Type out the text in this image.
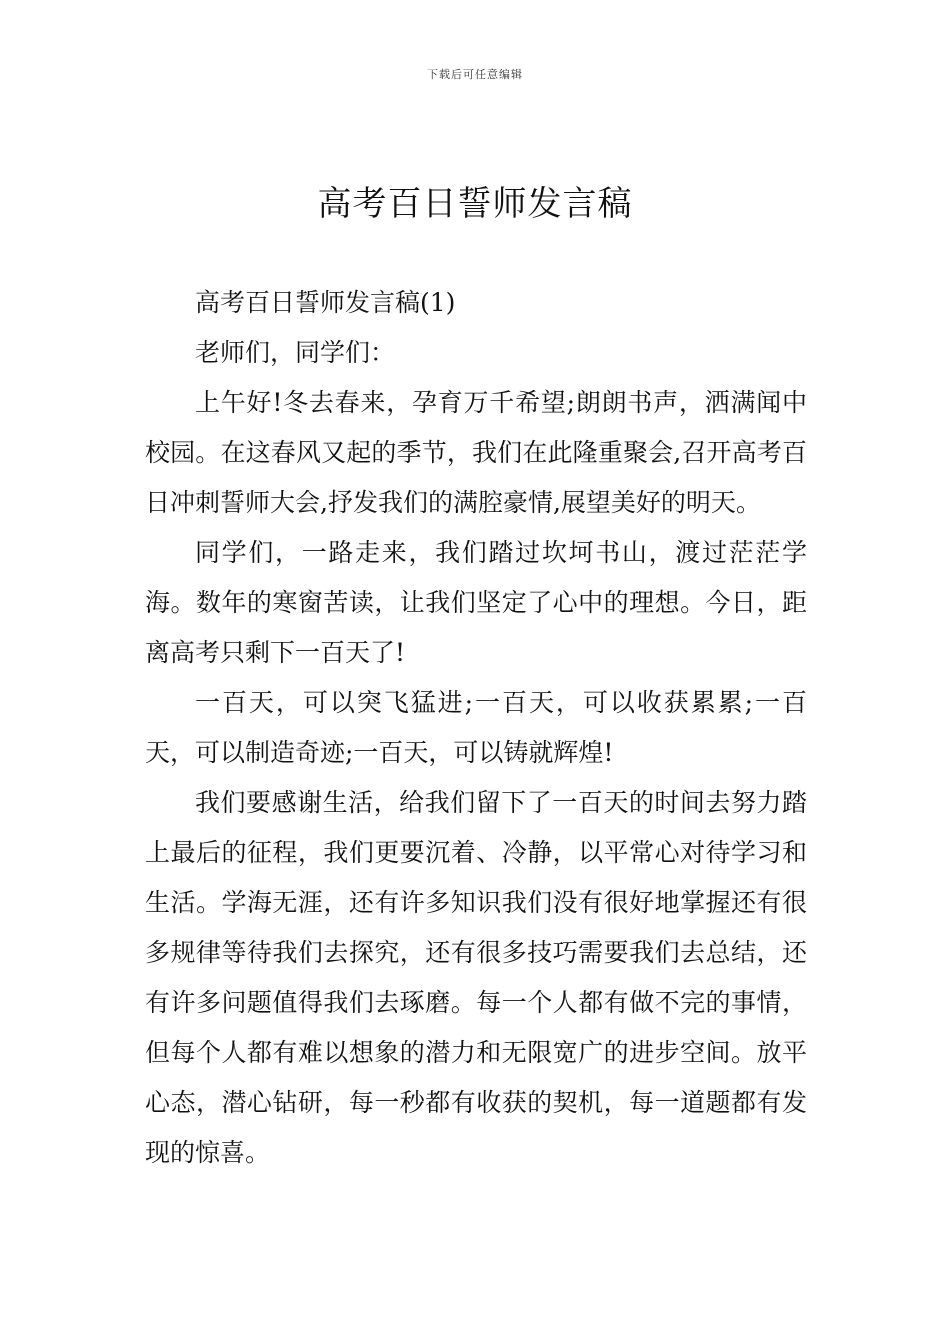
下载后可任意编辑
高考百日誓师发言稿

高考百日誓师发言稿(1)

老师们，同学们：

上午好!冬去春来，孕育万千希望;朗朗书声，洒满闻中校园。在这春风又起的季节，我们在此隆重聚会,召开高考百日冲刺誓师大会,抒发我们的满腔豪情,展望美好的明天。

同学们，一路走来，我们踏过坎坷书山，渡过茫茫学海。数年的寒窗苦读，让我们坚定了心中的理想。今日，距离高考只剩下一百天了!

一百天，可以突飞猛进;一百天，可以收获累累;一百天，可以制造奇迹;一百天，可以铸就辉煌!

我们要感谢生活，给我们留下了一百天的时间去努力踏上最后的征程，我们更要沉着、冷静，以平常心对待学习和生活。学海无涯，还有许多知识我们没有很好地掌握还有很多规律等待我们去探究，还有很多技巧需要我们去总结，还有许多问题值得我们去琢磨。每一个人都有做不完的事情，但每个人都有难以想象的潜力和无限宽广的进步空间。放平心态，潜心钻研，每一秒都有收获的契机，每一道题都有发现的惊喜。
